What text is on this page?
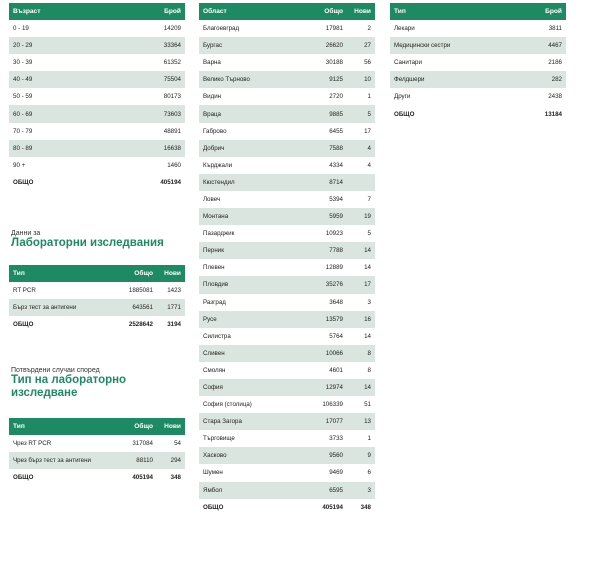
Възраст	Брой
0 - 19	14209
20 - 29	33364
30 - 39	61352
40 - 49	75504
50 - 59	80173
60 - 69	73603
70 - 79	48891
80 - 89	16638
90 +	1460
ОБЩО	405194
Данни за
Лабораторни изследвания
Тип	Общо	Нови
RT PCR	1885081	1423
Бърз тест за антигени	643561	1771
ОБЩО	2528642	3194
Потвърдени случаи според
Тип на лабораторно
изследване
Тип	Общо	Нови
Чрез RT PCR	317084	54
Чрез бърз тест за антигени	88110	294
ОБЩО	405194	348
Област	Общо	Нови
Благоевград	17981	2
Бургас	26620	27
Варна	30188	56
Велико Търново	9125	10
Видин	2720	1
Враца	9885	5
Габрово	6455	17
Добрич	7588	4
Кърджали	4334	4
Кюстендил	8714	
Ловеч	5394	7
Монтана	5959	19
Пазарджик	10923	5
Перник	7788	14
Плевен	12889	14
Пловдив	35276	17
Разград	3648	3
Русе	13579	16
Силистра	5764	14
Сливен	10066	8
Смолян	4601	8
София	12974	14
София (столица)	106339	51
Стара Загора	17077	13
Търговище	3733	1
Хасково	9560	9
Шумен	9469	6
Ямбол	6595	3
ОБЩО	405194	348
Тип	Брой
Лекари	3811
Медицински сестри	4467
Санитари	2186
Фелдшери	282
Други	2438
ОБЩО	13184
